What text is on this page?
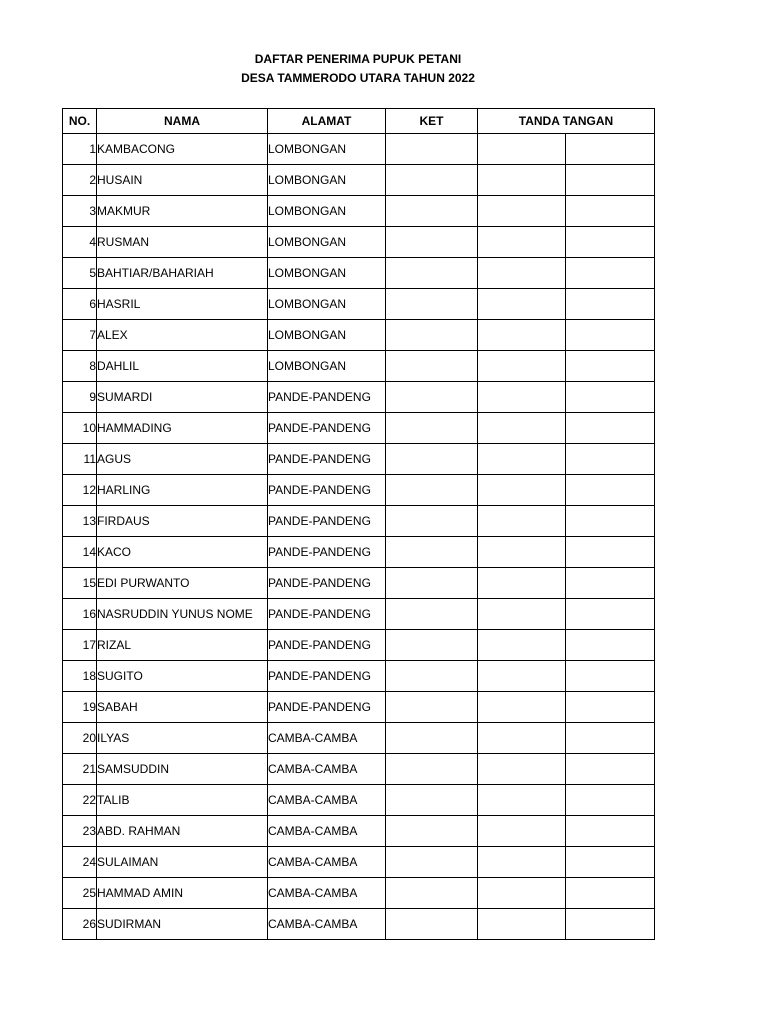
DAFTAR PENERIMA PUPUK PETANI
DESA TAMMERODO UTARA TAHUN 2022
NO.	NAMA	ALAMAT	KET	TANDA TANGAN	
1	KAMBACONG	LOMBONGAN			
2	HUSAIN	LOMBONGAN			
3	MAKMUR	LOMBONGAN			
4	RUSMAN	LOMBONGAN			
5	BAHTIAR/BAHARIAH	LOMBONGAN			
6	HASRIL	LOMBONGAN			
7	ALEX	LOMBONGAN			
8	DAHLIL	LOMBONGAN			
9	SUMARDI	PANDE-PANDENG			
10	HAMMADING	PANDE-PANDENG			
11	AGUS	PANDE-PANDENG			
12	HARLING	PANDE-PANDENG			
13	FIRDAUS	PANDE-PANDENG			
14	KACO	PANDE-PANDENG			
15	EDI PURWANTO	PANDE-PANDENG			
16	NASRUDDIN YUNUS NOME	PANDE-PANDENG			
17	RIZAL	PANDE-PANDENG			
18	SUGITO	PANDE-PANDENG			
19	SABAH	PANDE-PANDENG			
20	ILYAS	CAMBA-CAMBA			
21	SAMSUDDIN	CAMBA-CAMBA			
22	TALIB	CAMBA-CAMBA			
23	ABD. RAHMAN	CAMBA-CAMBA			
24	SULAIMAN	CAMBA-CAMBA			
25	HAMMAD AMIN	CAMBA-CAMBA			
26	SUDIRMAN	CAMBA-CAMBA			
